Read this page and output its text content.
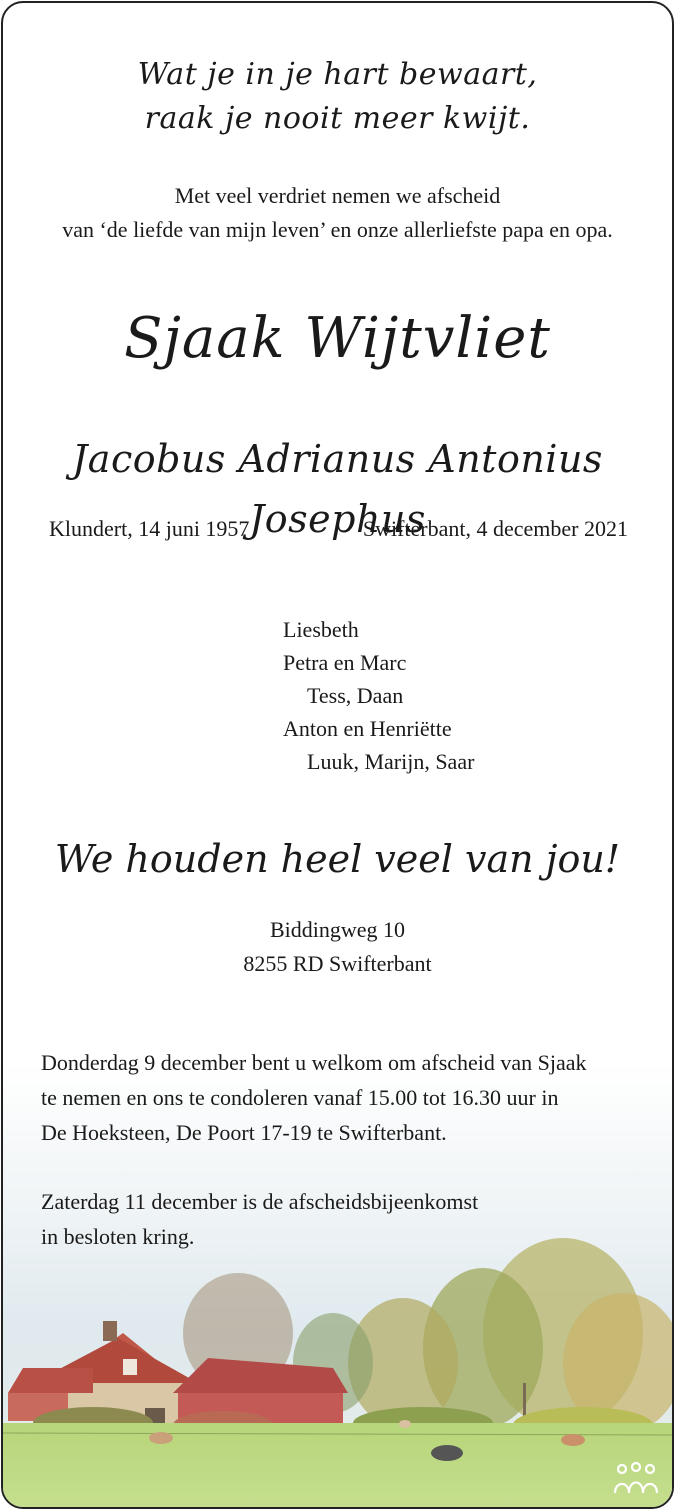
Wat je in je hart bewaart,
raak je nooit meer kwijt.
Met veel verdriet nemen we afscheid
van ‘de liefde van mijn leven’ en onze allerliefste papa en opa.
Sjaak Wijtvliet
Jacobus Adrianus Antonius Josephus
Klundert, 14 juni 1957	Swifterbant, 4 december 2021
Liesbeth
Petra en Marc
Tess, Daan
Anton en Henriëtte
Luuk, Marijn, Saar
We houden heel veel van jou!
Biddingweg 10
8255 RD Swifterbant
Donderdag 9 december bent u welkom om afscheid van Sjaak
te nemen en ons te condoleren vanaf 15.00 tot 16.30 uur in
De Hoeksteen, De Poort 17-19 te Swifterbant.
Zaterdag 11 december is de afscheidsbijeenkomst
in besloten kring.
